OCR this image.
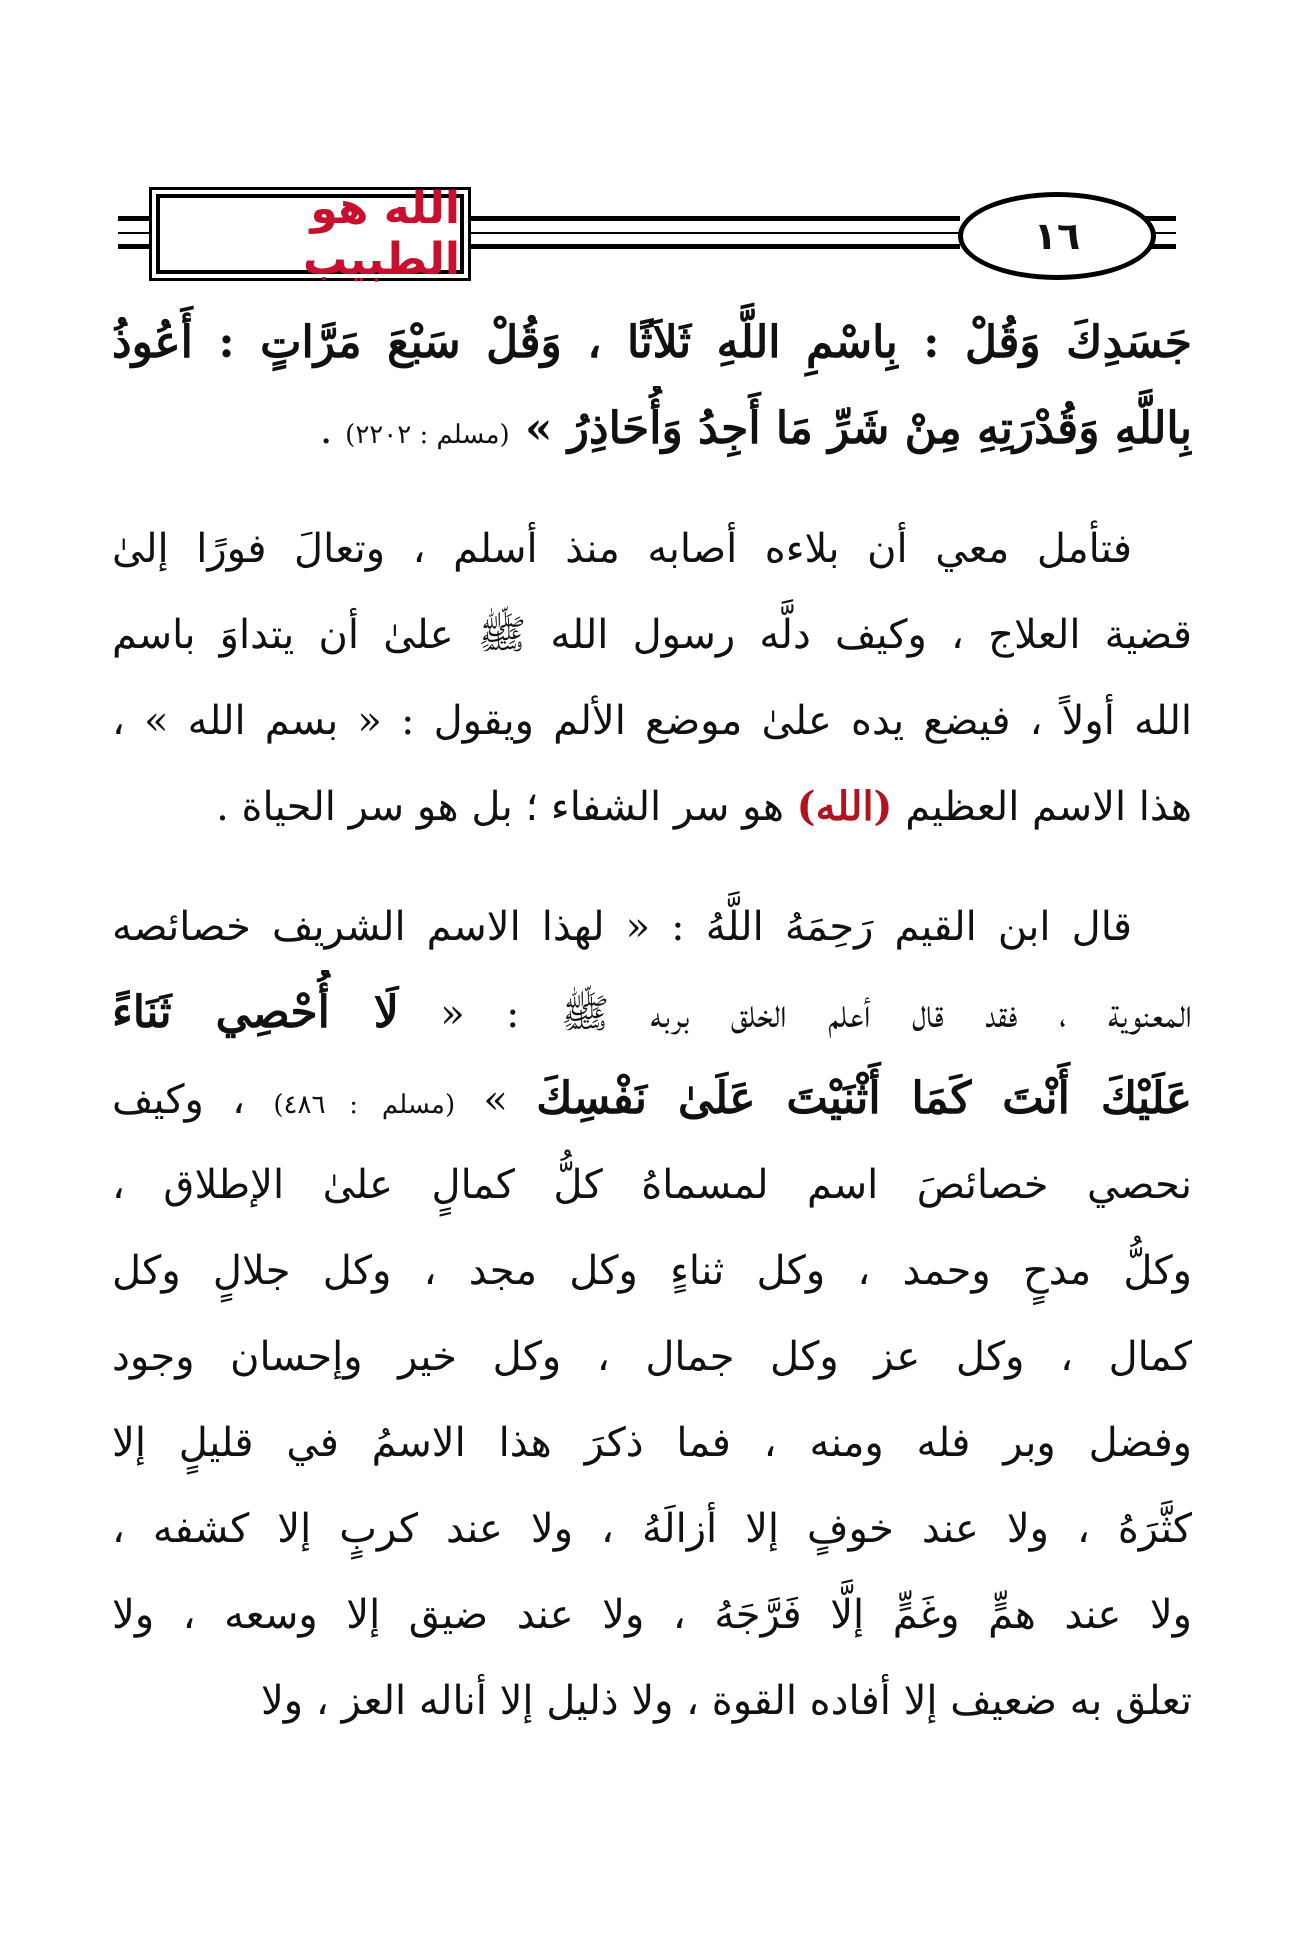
الله هو الطبيب	١٦
جَسَدِكَ وَقُلْ : بِاسْمِ اللَّهِ ثَلاَثًا ، وَقُلْ سَبْعَ مَرَّاتٍ : أَعُوذُ
بِاللَّهِ وَقُدْرَتِهِ مِنْ شَرِّ مَا أَجِدُ وَأُحَاذِرُ » (مسلم : ٢٢٠٢) .
فتأمل معي أن بلاءه أصابه منذ أسلم ، وتعالَ فورًا إلىٰ
قضية العلاج ، وكيف دلَّه رسول الله ﷺ علىٰ أن يتداوَ باسم
الله أولاً ، فيضع يده علىٰ موضع الألم ويقول : « بسم الله » ،
هذا الاسم العظيم (الله) هو سر الشفاء ؛ بل هو سر الحياة .
قال ابن القيم رَحِمَهُ اللَّهُ : « لهذا الاسم الشريف خصائصه
المعنوية ، فقد قال أعلم الخلق بربه ﷺ : « لَا أُحْصِي ثَنَاءً
عَلَيْكَ أَنْتَ كَمَا أَثْنَيْتَ عَلَىٰ نَفْسِكَ » (مسلم : ٤٨٦) ، وكيف
نحصي خصائصَ اسم لمسماهُ كلُّ كمالٍ علىٰ الإطلاق ،
وكلُّ مدحٍ وحمد ، وكل ثناءٍ وكل مجد ، وكل جلالٍ وكل
كمال ، وكل عز وكل جمال ، وكل خير وإحسان وجود
وفضل وبر فله ومنه ، فما ذكرَ هذا الاسمُ في قليلٍ إلا
كثَّرَهُ ، ولا عند خوفٍ إلا أزالَهُ ، ولا عند كربٍ إلا كشفه ،
ولا عند همٍّ وغَمٍّ إلَّا فَرَّجَهُ ، ولا عند ضيق إلا وسعه ، ولا
تعلق به ضعيف إلا أفاده القوة ، ولا ذليل إلا أناله العز ، ولا
